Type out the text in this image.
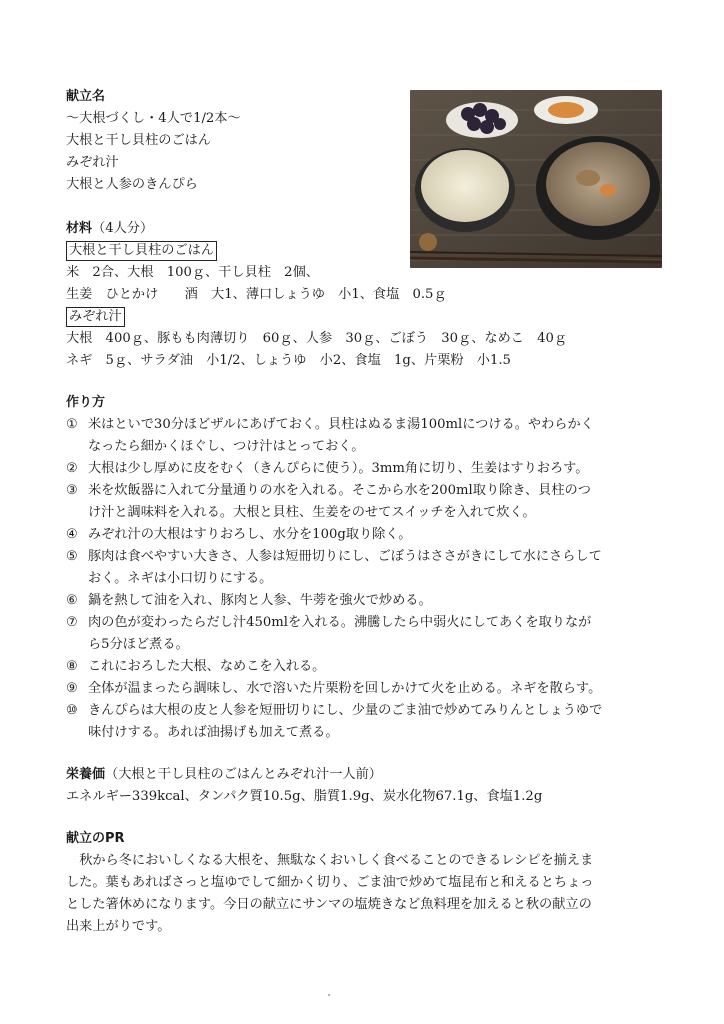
献立名
〜大根づくし・4人で1/2本〜
大根と干し貝柱のごはん
みぞれ汁
大根と人参のきんぴら
材料（4人分）
大根と干し貝柱のごはん
米　2合、大根　100ｇ、干し貝柱　2個、
生姜　ひとかけ　　酒　大1、薄口しょうゆ　小1、食塩　0.5ｇ
みぞれ汁
大根　400ｇ、豚もも肉薄切り　60ｇ、人参　30ｇ、ごぼう　30ｇ、なめこ　40ｇ
ネギ　5ｇ、サラダ油　小1/2、しょうゆ　小2、食塩　1g、片栗粉　小1.5
作り方
① 米はといで30分ほどザルにあげておく。貝柱はぬるま湯100mlにつける。やわらかく
なったら細かくほぐし、つけ汁はとっておく。
② 大根は少し厚めに皮をむく（きんぴらに使う）。3mm角に切り、生姜はすりおろす。
③ 米を炊飯器に入れて分量通りの水を入れる。そこから水を200ml取り除き、貝柱のつ
け汁と調味料を入れる。大根と貝柱、生姜をのせてスイッチを入れて炊く。
④ みぞれ汁の大根はすりおろし、水分を100g取り除く。
⑤ 豚肉は食べやすい大きさ、人参は短冊切りにし、ごぼうはささがきにして水にさらして
おく。ネギは小口切りにする。
⑥ 鍋を熱して油を入れ、豚肉と人参、牛蒡を強火で炒める。
⑦ 肉の色が変わったらだし汁450mlを入れる。沸騰したら中弱火にしてあくを取りなが
ら5分ほど煮る。
⑧ これにおろした大根、なめこを入れる。
⑨ 全体が温まったら調味し、水で溶いた片栗粉を回しかけて火を止める。ネギを散らす。
⑩ きんぴらは大根の皮と人参を短冊切りにし、少量のごま油で炒めてみりんとしょうゆで
味付けする。あれば油揚げも加えて煮る。
栄養価（大根と干し貝柱のごはんとみぞれ汁一人前）
エネルギー339kcal、タンパク質10.5g、脂質1.9g、炭水化物67.1g、食塩1.2g
献立のPR
秋から冬においしくなる大根を、無駄なくおいしく食べることのできるレシピを揃えま
した。葉もあればさっと塩ゆでして細かく切り、ごま油で炒めて塩昆布と和えるとちょっ
とした箸休めになります。今日の献立にサンマの塩焼きなど魚料理を加えると秋の献立の
出来上がりです。
